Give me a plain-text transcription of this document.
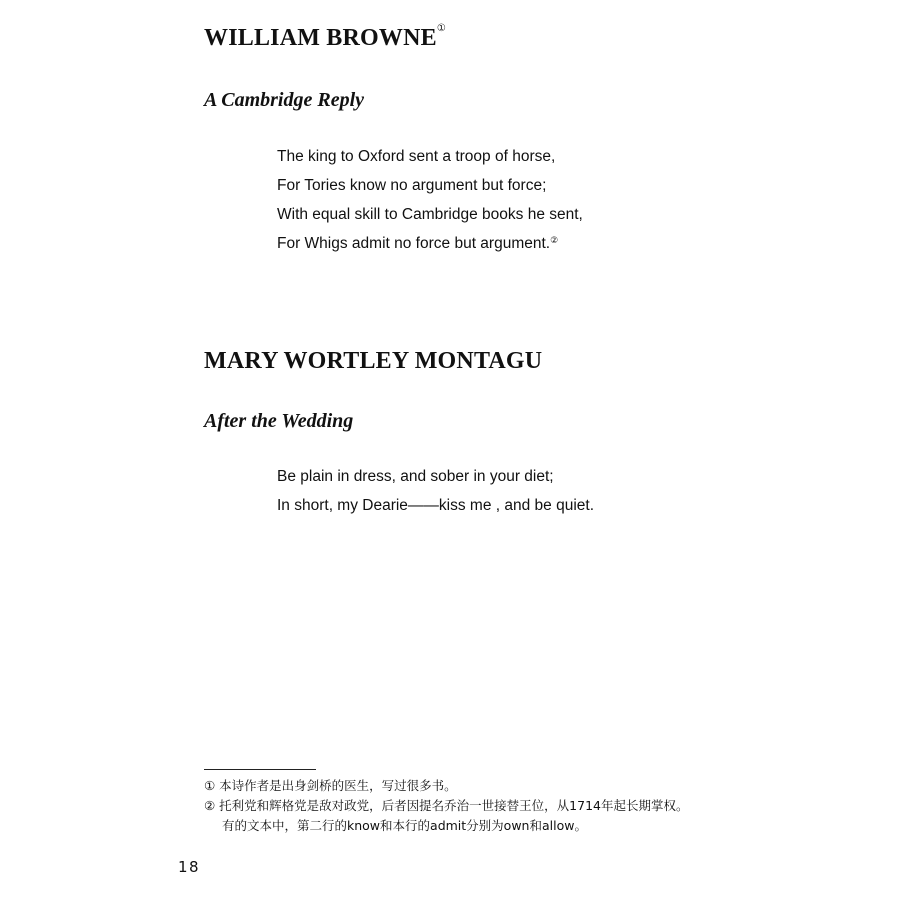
WILLIAM BROWNE①
A Cambridge Reply
The king to Oxford sent a troop of horse,
For Tories know no argument but force;
With equal skill to Cambridge books he sent,
For Whigs admit no force but argument.②
MARY WORTLEY MONTAGU
After the Wedding
Be plain in dress, and sober in your diet;
In short, my Dearie——kiss me , and be quiet.
① 本诗作者是出身剑桥的医生，写过很多书。
② 托利党和辉格党是敌对政党，后者因提名乔治一世接替王位，从1714年起长期掌权。
有的文本中，第二行的know和本行的admit分别为own和allow。
18
